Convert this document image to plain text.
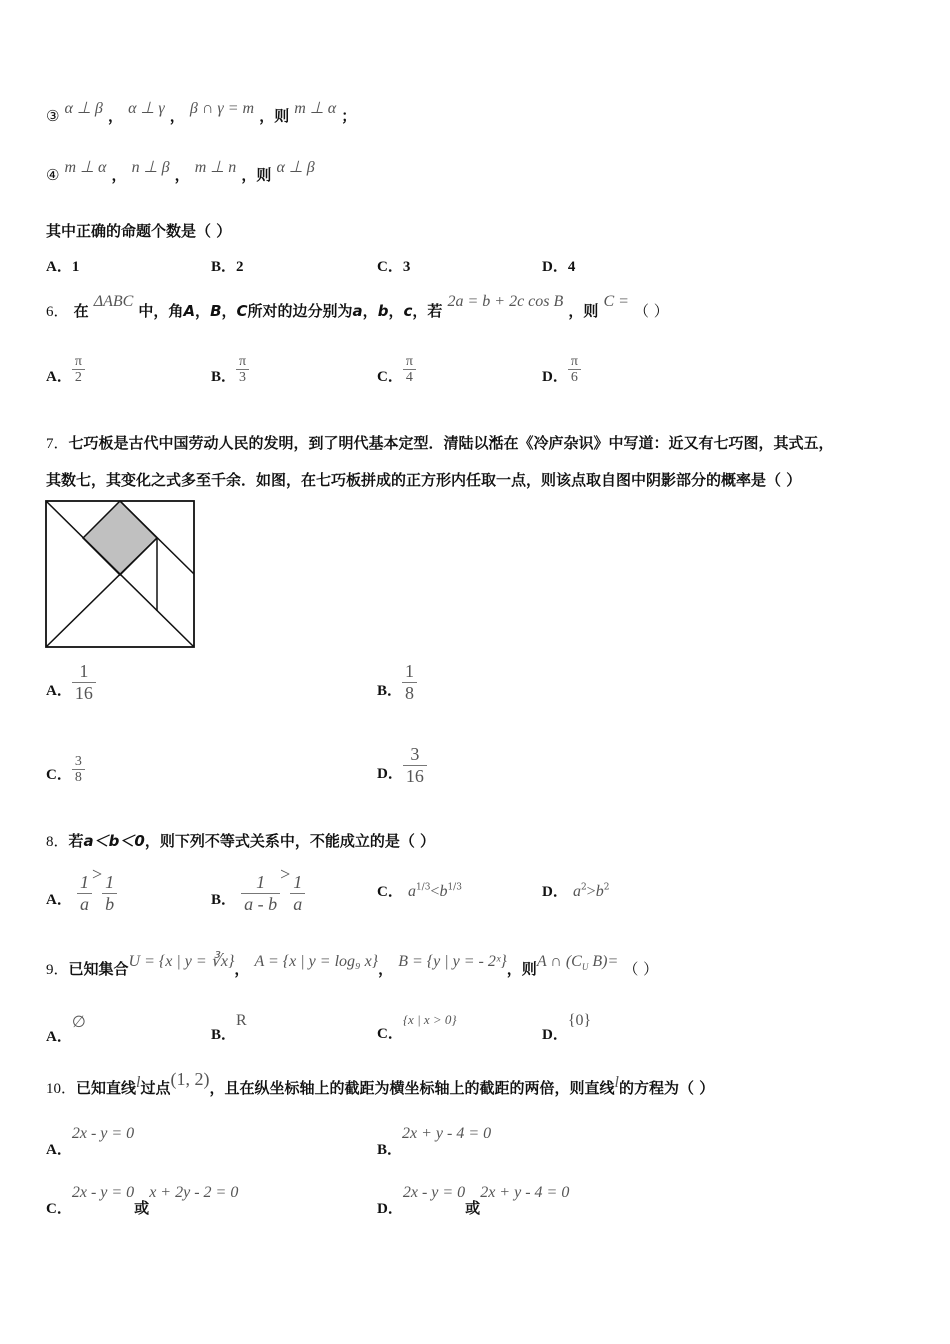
③ α ⊥ β ， α ⊥ γ ， β ∩ γ = m ，则 m ⊥ α ；
④ m ⊥ α ， n ⊥ β ， m ⊥ n ，则 α ⊥ β
其中正确的命题个数是（ ）
A．1	B．2	C．3	D．4
6． 在 ΔABC 中，角A，B，C所对的边分别为a，b，c，若 2a = b + 2c cos B ，则 C = （ ）
A． $\frac{\pi}{2}$	B． $\frac{\pi}{3}$	C． $\frac{\pi}{4}$	D． $\frac{\pi}{6}$
7．七巧板是古代中国劳动人民的发明，到了明代基本定型．清陆以湉在《冷庐杂识》中写道：近又有七巧图，其式五，
其数七，其变化之式多至千余．如图，在七巧板拼成的正方形内任取一点，则该点取自图中阴影部分的概率是（ ）
A． $\frac{1}{16}$	B． $\frac{1}{8}$
C． $\frac{3}{8}$	D． $\frac{3}{16}$
8．若a＜b＜0，则下列不等式关系中，不能成立的是（ ）
A． $\frac{1}{a} > \frac{1}{b}$	B． $\frac{1}{a - b} > \frac{1}{a}$	C． $a^{1/3}<b^{1/3}$	D． $a^2>b^2$
9．已知集合U = {x | y = ∛x}， A = {x | y = log₉ x}， B = {y | y = - 2ˣ}，则A ∩ ($C_U$ B)= （ ）
A．∅
B．R
C．$^{\{x | x > 0\}}$
D．{0}
10．已知直线l过点(1, 2)，且在纵坐标轴上的截距为横坐标轴上的截距的两倍，则直线l的方程为（ ）
A．2x - y = 0
B．2x + y - 4 = 0
C．2x - y = 0或x + 2y - 2 = 0
D．2x - y = 0或2x + y - 4 = 0
